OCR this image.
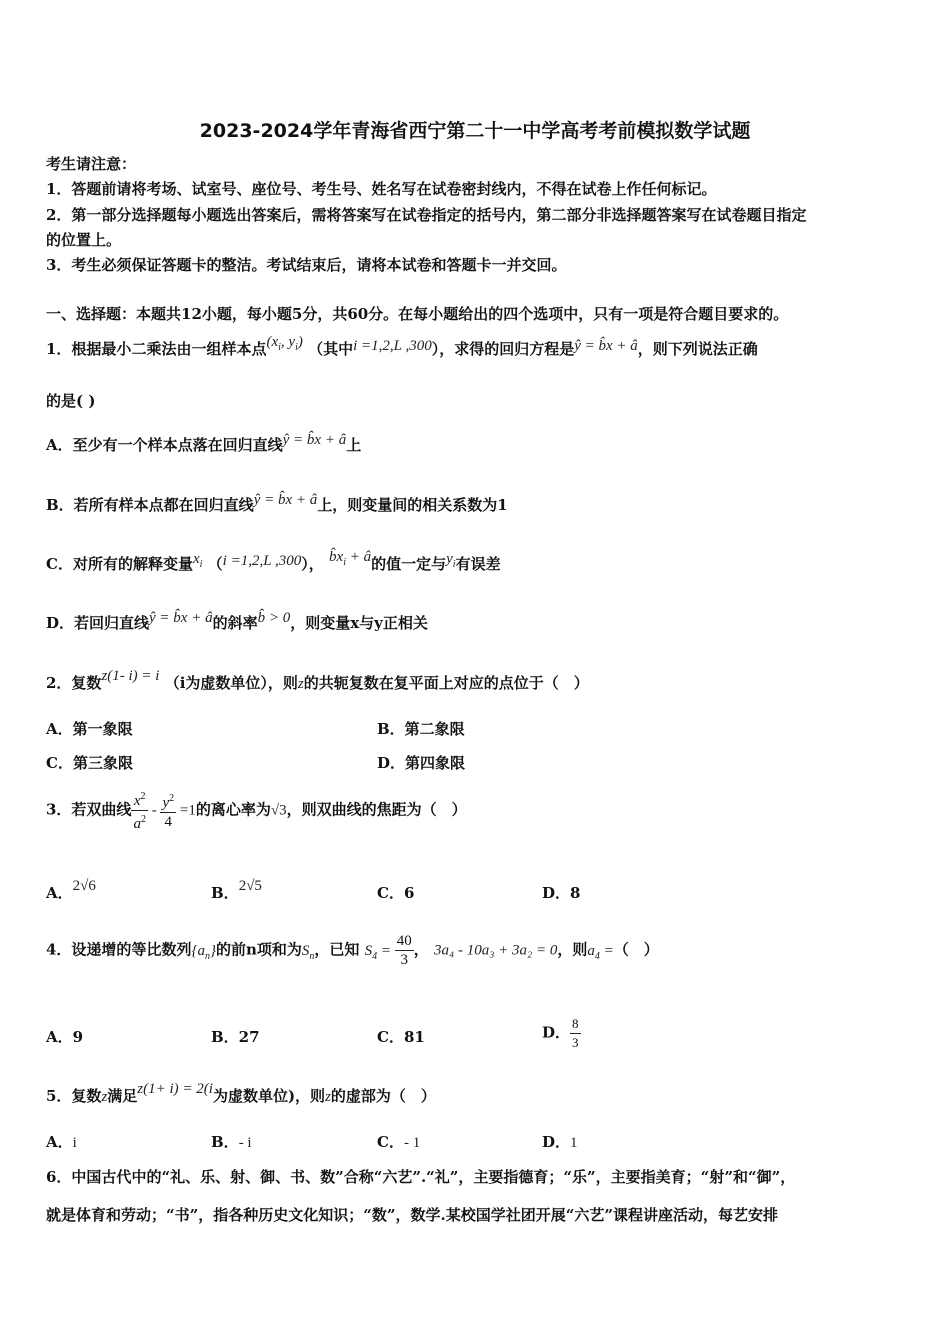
2023-2024学年青海省西宁第二十一中学高考考前模拟数学试题
考生请注意：
1．答题前请将考场、试室号、座位号、考生号、姓名写在试卷密封线内，不得在试卷上作任何标记。
2．第一部分选择题每小题选出答案后，需将答案写在试卷指定的括号内，第二部分非选择题答案写在试卷题目指定
的位置上。
3．考生必须保证答题卡的整洁。考试结束后，请将本试卷和答题卡一并交回。
一、选择题：本题共12小题，每小题5分，共60分。在每小题给出的四个选项中，只有一项是符合题目要求的。
1．根据最小二乘法由一组样本点($x_i$, $y_i$) （其中i =1,2,L ,300），求得的回归方程是ŷ = b̂x + â，则下列说法正确
的是( )
A．至少有一个样本点落在回归直线ŷ = b̂x + â上
B．若所有样本点都在回归直线ŷ = b̂x + â上，则变量间的相关系数为1
C．对所有的解释变量$x_i$ （i =1,2,L ,300）， $b̂x_i$ + â的值一定与$y_i$有误差
D．若回归直线ŷ = b̂x + â的斜率b̂ > 0，则变量x与y正相关
2．复数z(1- i) = i （i为虚数单位），则z的共轭复数在复平面上对应的点位于（　）
A．第一象限	B．第二象限
C．第三象限	D．第四象限
3．若双曲线 $\frac{x^2}{a^2} - \frac{y^2}{4} =1$的离心率为√3，则双曲线的焦距为（　）
A．2√6	B．2√5	C．6	D．8
4．设递增的等比数列$\{a_n\}$的前n项和为$S_n$，已知 $S_4 = \frac{40}{3}$ ， 3a₄ - 10a₃ + 3a₂ = 0，则$a_4$ =（　）
A．9	B．27	C．81	D． $\frac{8}{3}$
5．复数z满足z(1+ i) = 2(i为虚数单位)，则z的虚部为（　）
A．i	B．- i	C．- 1	D．1
6．中国古代中的“礼、乐、射、御、书、数”合称“六艺”.“礼”，主要指德育；“乐”，主要指美育；“射”和“御”，
就是体育和劳动；“书”，指各种历史文化知识；“数”，数学.某校国学社团开展“六艺”课程讲座活动，每艺安排
